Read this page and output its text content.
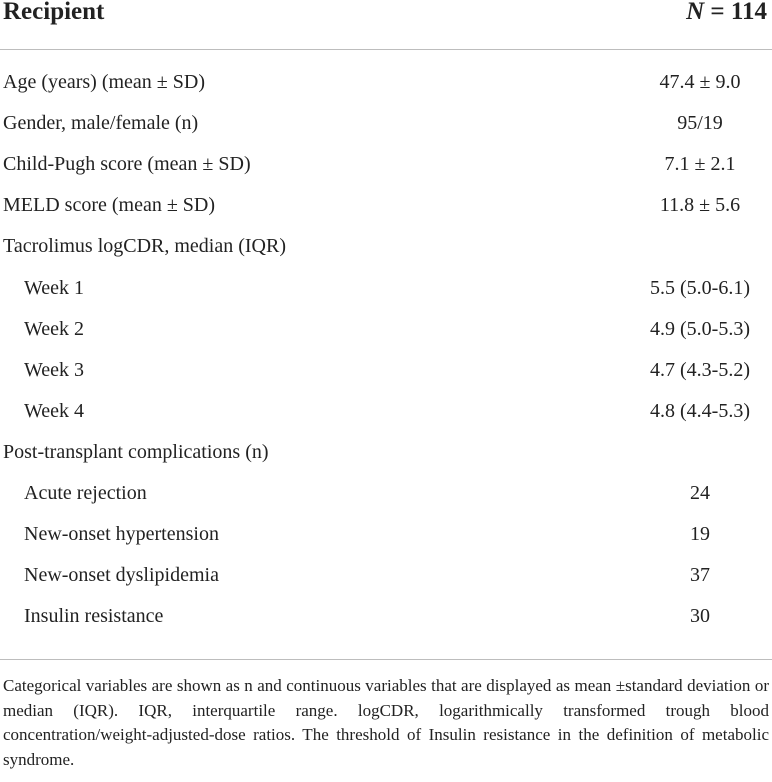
Recipient	N = 114
Age (years) (mean ± SD)	47.4 ± 9.0
Gender, male/female (n)	95/19
Child-Pugh score (mean ± SD)	7.1 ± 2.1
MELD score (mean ± SD)	11.8 ± 5.6
Tacrolimus logCDR, median (IQR)
Week 1	5.5 (5.0-6.1)
Week 2	4.9 (5.0-5.3)
Week 3	4.7 (4.3-5.2)
Week 4	4.8 (4.4-5.3)
Post-transplant complications (n)
Acute rejection	24
New-onset hypertension	19
New-onset dyslipidemia	37
Insulin resistance	30
Categorical variables are shown as n and continuous variables that are displayed as mean ±standard deviation or median (IQR). IQR, interquartile range. logCDR, logarithmically transformed trough blood concentration/weight-adjusted-dose ratios. The threshold of Insulin resistance in the definition of metabolic syndrome.
